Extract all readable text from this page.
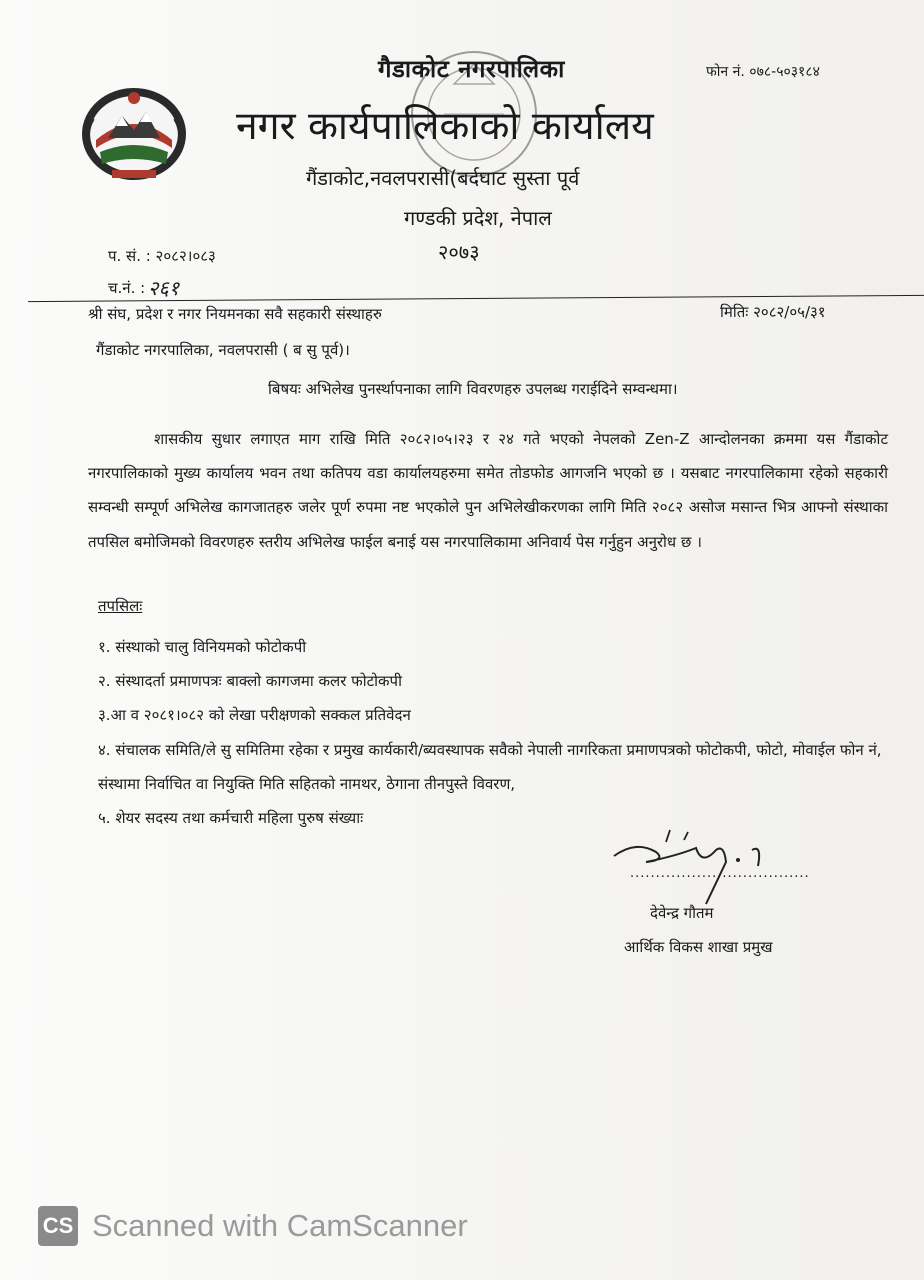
गैडाकोट नगरपालिका	फोन नं. ०७८-५०३१८४
नगर कार्यपालिकाको कार्यालय
गैंडाकोट,नवलपरासी(बर्दघाट सुस्ता पूर्व
गण्डकी प्रदेश, नेपाल
२०७३
प. सं. : २०८२।०८३
च.नं. : २६१
मितिः २०८२/०५/३१
श्री संघ, प्रदेश र नगर नियमनका सवै सहकारी संस्थाहरु
गैंडाकोट नगरपालिका, नवलपरासी ( ब सु पूर्व)।
बिषयः अभिलेख पुनर्स्थापनाका लागि विवरणहरु उपलब्ध गराईदिने सम्वन्धमा।
शासकीय सुधार लगाएत माग राखि मिति २०८२।०५।२३ र २४ गते भएको नेपलको Zen-Z आन्दोलनका क्रममा यस गैंडाकोट नगरपालिकाको मुख्य कार्यालय भवन तथा कतिपय वडा कार्यालयहरुमा समेत तोडफोड आगजनि भएको छ । यसबाट नगरपालिकामा रहेको सहकारी सम्वन्धी सम्पूर्ण अभिलेख कागजातहरु जलेर पूर्ण रुपमा नष्ट भएकोले पुन अभिलेखीकरणका लागि मिति २०८२ असोज मसान्त भित्र आफ्नो संस्थाका तपसिल बमोजिमको विवरणहरु स्तरीय अभिलेख फाईल बनाई यस नगरपालिकामा अनिवार्य पेस गर्नुहुन अनुरोध छ ।
तपसिलः
१. संस्थाको चालु विनियमको फोटोकपी
२. संस्थादर्ता प्रमाणपत्रः बाक्लो कागजमा कलर फोटोकपी
३.आ व २०८१।०८२ को लेखा परीक्षणको सक्कल प्रतिवेदन
४. संचालक समिति/ले सु समितिमा रहेका र प्रमुख कार्यकारी/ब्यवस्थापक सवैको नेपाली नागरिकता प्रमाणपत्रको फोटोकपी, फोटो, मोवाईल फोन नं, संस्थामा निर्वाचित वा नियुक्ति मिति सहितको नामथर, ठेगाना तीनपुस्ते विवरण,
५. शेयर सदस्य तथा कर्मचारी महिला पुरुष संख्याः
...................................
देवेन्द्र गौतम
आर्थिक विकस शाखा प्रमुख
CS Scanned with CamScanner
